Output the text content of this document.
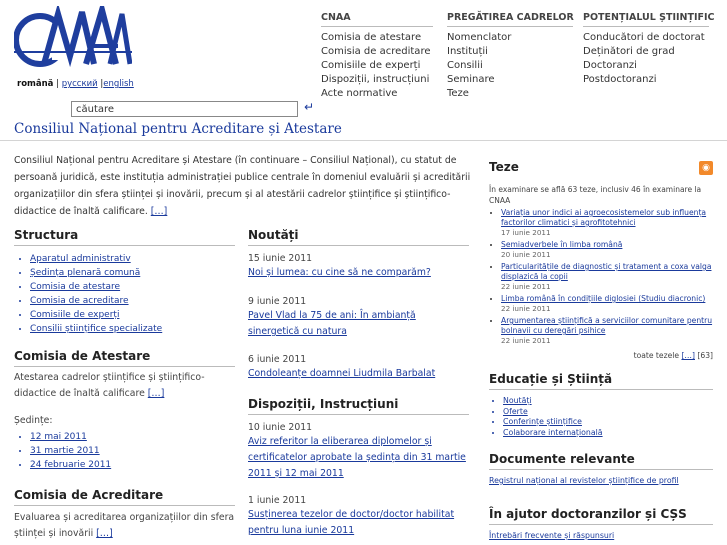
română | русский |english
căutare
↵
Consiliul Național pentru Acreditare și Atestare
CNAA
Comisia de atestare
Comisia de acreditare
Comisiile de experți
Dispoziții, instrucțiuni
Acte normative
PREGĂTIREA CADRELOR
Nomenclator
Instituții
Consilii
Seminare
Teze
POTENȚIALUL ȘTIINȚIFIC
Conducători de doctorat
Deținători de grad
Doctoranzi
Postdoctoranzi
Consiliul Național pentru Acreditare și Atestare (în continuare – Consiliul Național), cu statut de persoană juridică, este instituția administrației publice centrale în domeniul evaluării și acreditării organizațiilor din sfera științei și inovării, precum și al atestării cadrelor științifice și științifico-didactice de înaltă calificare. […]
Structura
• Aparatul administrativ
• Ședința plenară comună
• Comisia de atestare
• Comisia de acreditare
• Comisiile de experți
• Consilii științifice specializate
Comisia de Atestare
Atestarea cadrelor științifice și științifico-didactice de înaltă calificare […]
Ședințe:
• 12 mai 2011
• 31 martie 2011
• 24 februarie 2011
Comisia de Acreditare
Evaluarea și acreditarea organizațiilor din sfera științei și inovării […]
Noutăți
15 iunie 2011
Noi și lumea: cu cine să ne comparăm?
9 iunie 2011
Pavel Vlad la 75 de ani: În ambianță sinergetică cu natura
6 iunie 2011
Condoleanțe doamnei Liudmila Barbalat
Dispoziții, Instrucțiuni
10 iunie 2011
Aviz referitor la eliberarea diplomelor și certificatelor aprobate la ședința din 31 martie 2011 și 12 mai 2011
1 iunie 2011
Susținerea tezelor de doctor/doctor habilitat pentru luna iunie 2011
Teze	◉
În examinare se află 63 teze, inclusiv 46 în examinare la CNAA
• Variația unor indici ai agroecosistemelor sub influența factorilor climatici și agrofitotehnici
17 iunie 2011
• Semiadverbele în limba română
20 iunie 2011
• Particularitățile de diagnostic și tratament a coxa valga displazică la copii
22 iunie 2011
• Limba română în condițiile diglosiei (Studiu diacronic)
22 iunie 2011
• Argumentarea științifică a serviciilor comunitare pentru bolnavii cu deregări psihice
22 iunie 2011
toate tezele […] [63]
Educație și Știință
• Noutăți
• Oferte
• Conferințe științifice
• Colaborare internațională
Documente relevante
Registrul național al revistelor științifice de profil
În ajutor doctoranzilor și CȘS
Întrebări frecvente și răspunsuri
